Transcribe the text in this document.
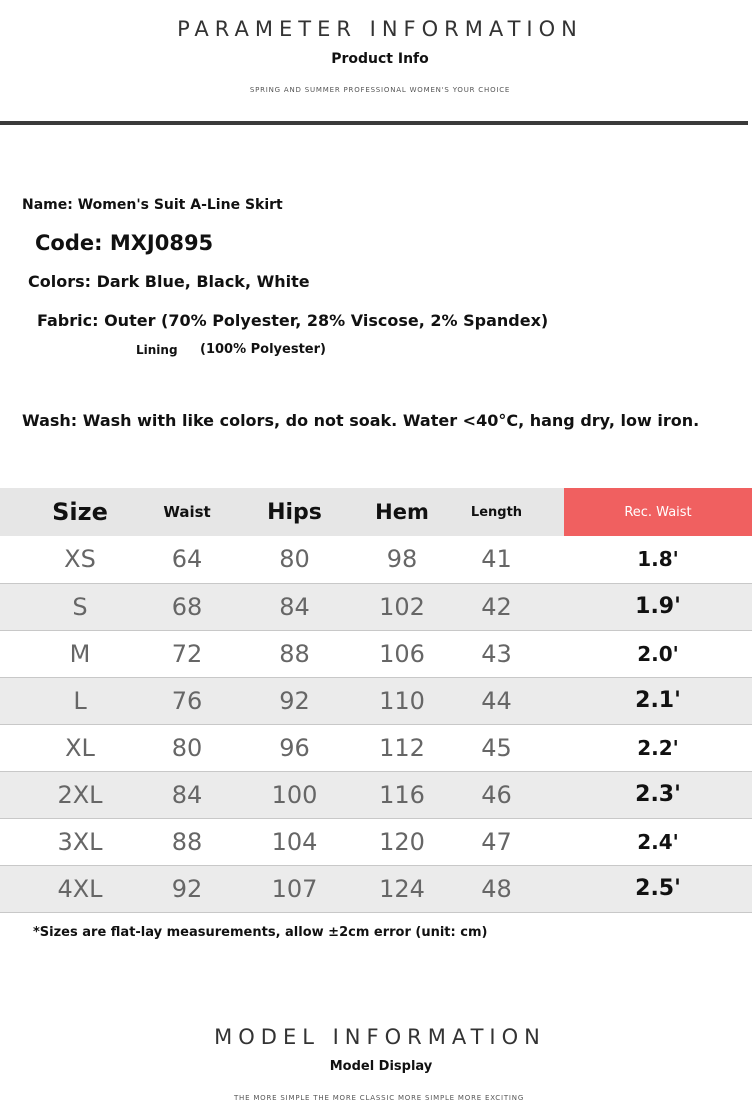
PARAMETER INFORMATION
Product Info
SPRING AND SUMMER PROFESSIONAL WOMEN'S YOUR CHOICE
Name: Women's Suit A-Line Skirt
Code: MXJ0895
Colors: Dark Blue, Black, White
Fabric: Outer (70% Polyester, 28% Viscose, 2% Spandex)
Lining (100% Polyester)
Wash: Wash with like colors, do not soak. Water <40°C, hang dry, low iron.
Size	Waist	Hips	Hem	Length	Rec. Waist
XS	64	80	98	41	1.8'
S	68	84	102	42	1.9'
M	72	88	106	43	2.0'
L	76	92	110	44	2.1'
XL	80	96	112	45	2.2'
2XL	84	100	116	46	2.3'
3XL	88	104	120	47	2.4'
4XL	92	107	124	48	2.5'
*Sizes are flat-lay measurements, allow ±2cm error (unit: cm)
MODEL INFORMATION
Model Display
THE MORE SIMPLE THE MORE CLASSIC MORE SIMPLE MORE EXCITING
